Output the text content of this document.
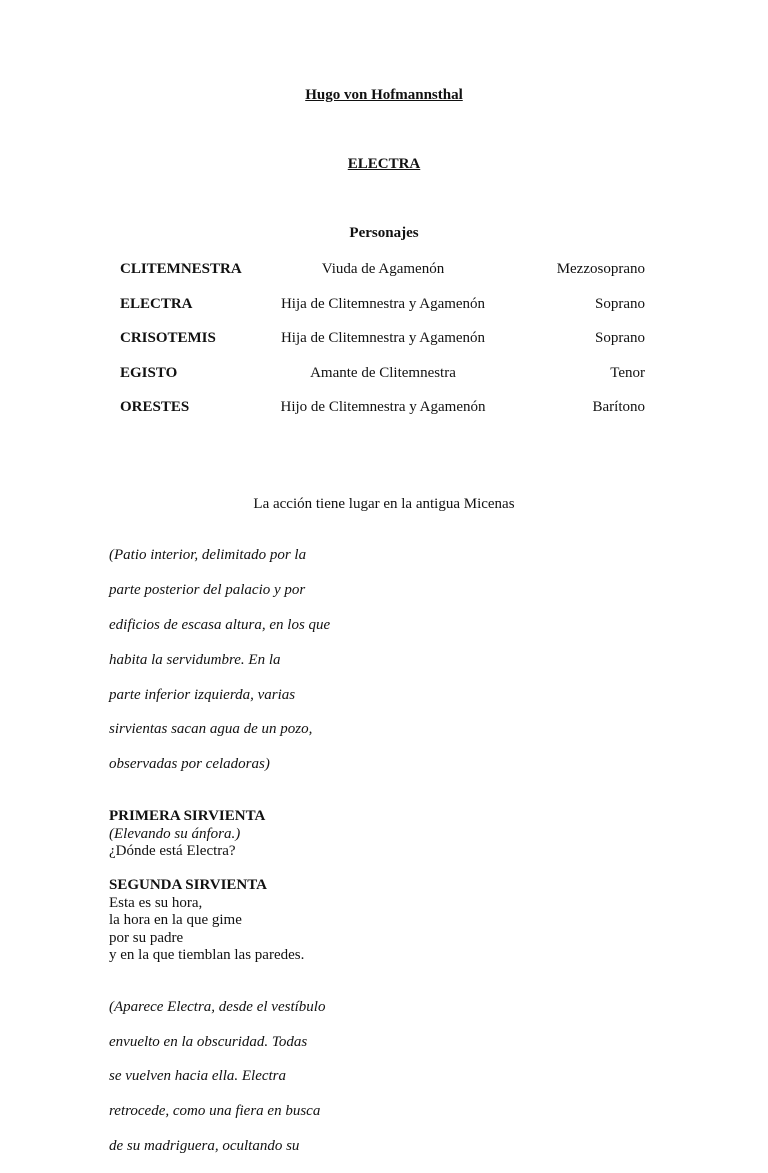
Hugo von Hofmannsthal
ELECTRA
Personajes
CLITEMNESTRA	Viuda de Agamenón	Mezzosoprano
ELECTRA	Hija de Clitemnestra y Agamenón	Soprano
CRISOTEMIS	Hija de Clitemnestra y Agamenón	Soprano
EGISTO	Amante de Clitemnestra	Tenor
ORESTES	Hijo de Clitemnestra y Agamenón	Barítono
La acción tiene lugar en la antigua Micenas

(Patio interior, delimitado por la

parte posterior del palacio y por

edificios de escasa altura, en los que

habita la servidumbre. En la

parte inferior izquierda, varias

sirvientas sacan agua de un pozo,

observadas por celadoras)

PRIMERA SIRVIENTA
(Elevando su ánfora.)
¿Dónde está Electra?
SEGUNDA SIRVIENTA
Esta es su hora,
la hora en la que gime
por su padre
y en la que tiemblan las paredes.

(Aparece Electra, desde el vestíbulo

envuelto en la obscuridad. Todas

se vuelven hacia ella. Electra

retrocede, como una fiera en busca

de su madriguera, ocultando su
